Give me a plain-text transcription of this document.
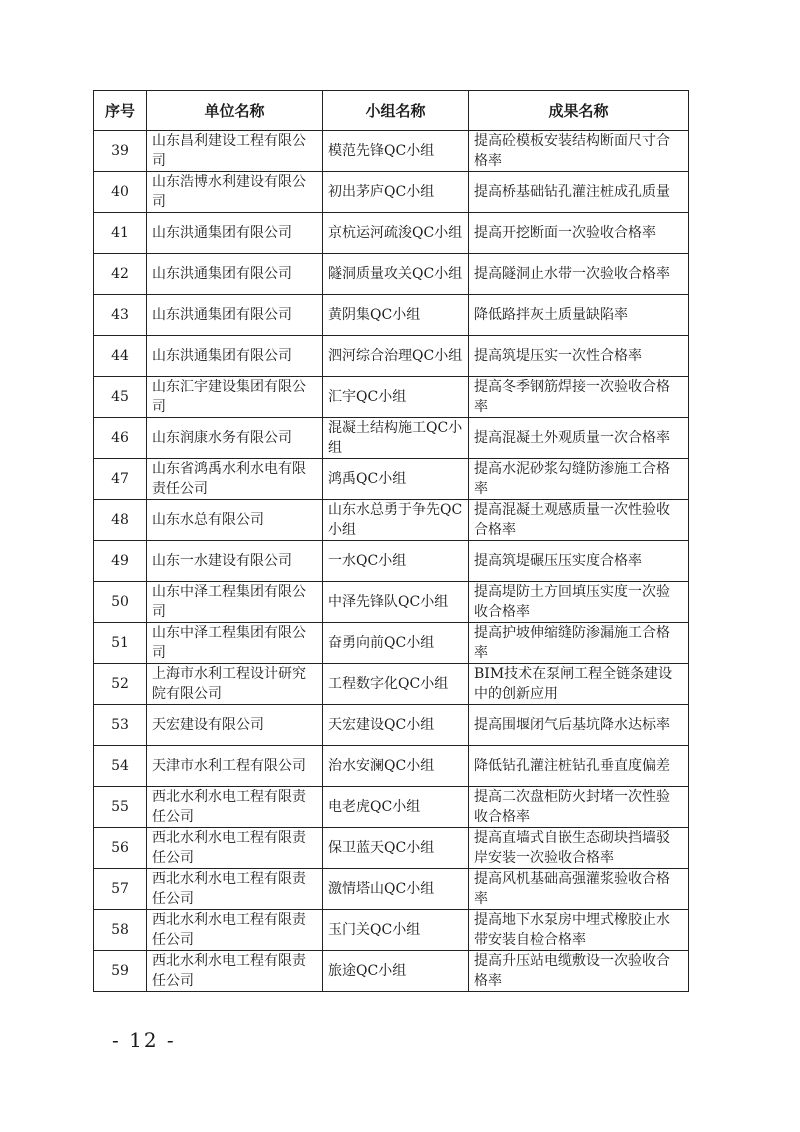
序号	单位名称	小组名称	成果名称
39	山东昌利建设工程有限公司	模范先锋QC小组	提高砼模板安装结构断面尺寸合格率
40	山东浩博水利建设有限公司	初出茅庐QC小组	提高桥基础钻孔灌注桩成孔质量
41	山东洪通集团有限公司	京杭运河疏浚QC小组	提高开挖断面一次验收合格率
42	山东洪通集团有限公司	隧洞质量攻关QC小组	提高隧洞止水带一次验收合格率
43	山东洪通集团有限公司	黄阴集QC小组	降低路拌灰土质量缺陷率
44	山东洪通集团有限公司	泗河综合治理QC小组	提高筑堤压实一次性合格率
45	山东汇宇建设集团有限公司	汇宇QC小组	提高冬季钢筋焊接一次验收合格率
46	山东润康水务有限公司	混凝土结构施工QC小组	提高混凝土外观质量一次合格率
47	山东省鸿禹水利水电有限责任公司	鸿禹QC小组	提高水泥砂浆勾缝防渗施工合格率
48	山东水总有限公司	山东水总勇于争先QC小组	提高混凝土观感质量一次性验收合格率
49	山东一水建设有限公司	一水QC小组	提高筑堤碾压压实度合格率
50	山东中泽工程集团有限公司	中泽先锋队QC小组	提高堤防土方回填压实度一次验收合格率
51	山东中泽工程集团有限公司	奋勇向前QC小组	提高护坡伸缩缝防渗漏施工合格率
52	上海市水利工程设计研究院有限公司	工程数字化QC小组	BIM技术在泵闸工程全链条建设中的创新应用
53	天宏建设有限公司	天宏建设QC小组	提高围堰闭气后基坑降水达标率
54	天津市水利工程有限公司	治水安澜QC小组	降低钻孔灌注桩钻孔垂直度偏差
55	西北水利水电工程有限责任公司	电老虎QC小组	提高二次盘柜防火封堵一次性验收合格率
56	西北水利水电工程有限责任公司	保卫蓝天QC小组	提高直墙式自嵌生态砌块挡墙驳岸安装一次验收合格率
57	西北水利水电工程有限责任公司	激情塔山QC小组	提高风机基础高强灌浆验收合格率
58	西北水利水电工程有限责任公司	玉门关QC小组	提高地下水泵房中埋式橡胶止水带安装自检合格率
59	西北水利水电工程有限责任公司	旅途QC小组	提高升压站电缆敷设一次验收合格率
- 12 -
